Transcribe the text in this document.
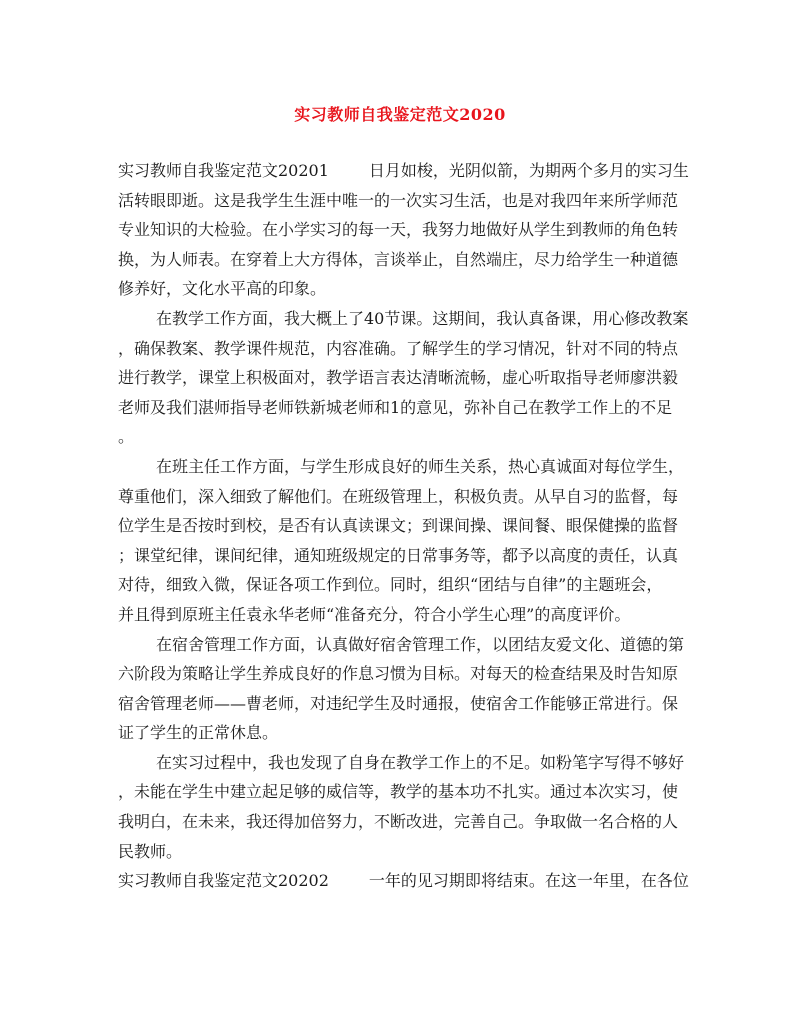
实习教师自我鉴定范文2020
实习教师自我鉴定范文20201	日月如梭，光阴似箭，为期两个多月的实习生
活转眼即逝。这是我学生生涯中唯一的一次实习生活，也是对我四年来所学师范
专业知识的大检验。在小学实习的每一天，我努力地做好从学生到教师的角色转
换，为人师表。在穿着上大方得体，言谈举止，自然端庄，尽力给学生一种道德
修养好，文化水平高的印象。
在教学工作方面，我大概上了40节课。这期间，我认真备课，用心修改教案
，确保教案、教学课件规范，内容准确。了解学生的学习情况，针对不同的特点
进行教学，课堂上积极面对，教学语言表达清晰流畅，虚心听取指导老师廖洪毅
老师及我们湛师指导老师铁新城老师和1的意见，弥补自己在教学工作上的不足
。
在班主任工作方面，与学生形成良好的师生关系，热心真诚面对每位学生，
尊重他们，深入细致了解他们。在班级管理上，积极负责。从早自习的监督，每
位学生是否按时到校，是否有认真读课文；到课间操、课间餐、眼保健操的监督
；课堂纪律，课间纪律，通知班级规定的日常事务等，都予以高度的责任，认真
对待，细致入微，保证各项工作到位。同时，组织“团结与自律”的主题班会，
并且得到原班主任袁永华老师“准备充分，符合小学生心理”的高度评价。
在宿舍管理工作方面，认真做好宿舍管理工作，以团结友爱文化、道德的第
六阶段为策略让学生养成良好的作息习惯为目标。对每天的检查结果及时告知原
宿舍管理老师——曹老师，对违纪学生及时通报，使宿舍工作能够正常进行。保
证了学生的正常休息。
在实习过程中，我也发现了自身在教学工作上的不足。如粉笔字写得不够好
，未能在学生中建立起足够的威信等，教学的基本功不扎实。通过本次实习，使
我明白，在未来，我还得加倍努力，不断改进，完善自己。争取做一名合格的人
民教师。
实习教师自我鉴定范文20202	一年的见习期即将结束。在这一年里，在各位
